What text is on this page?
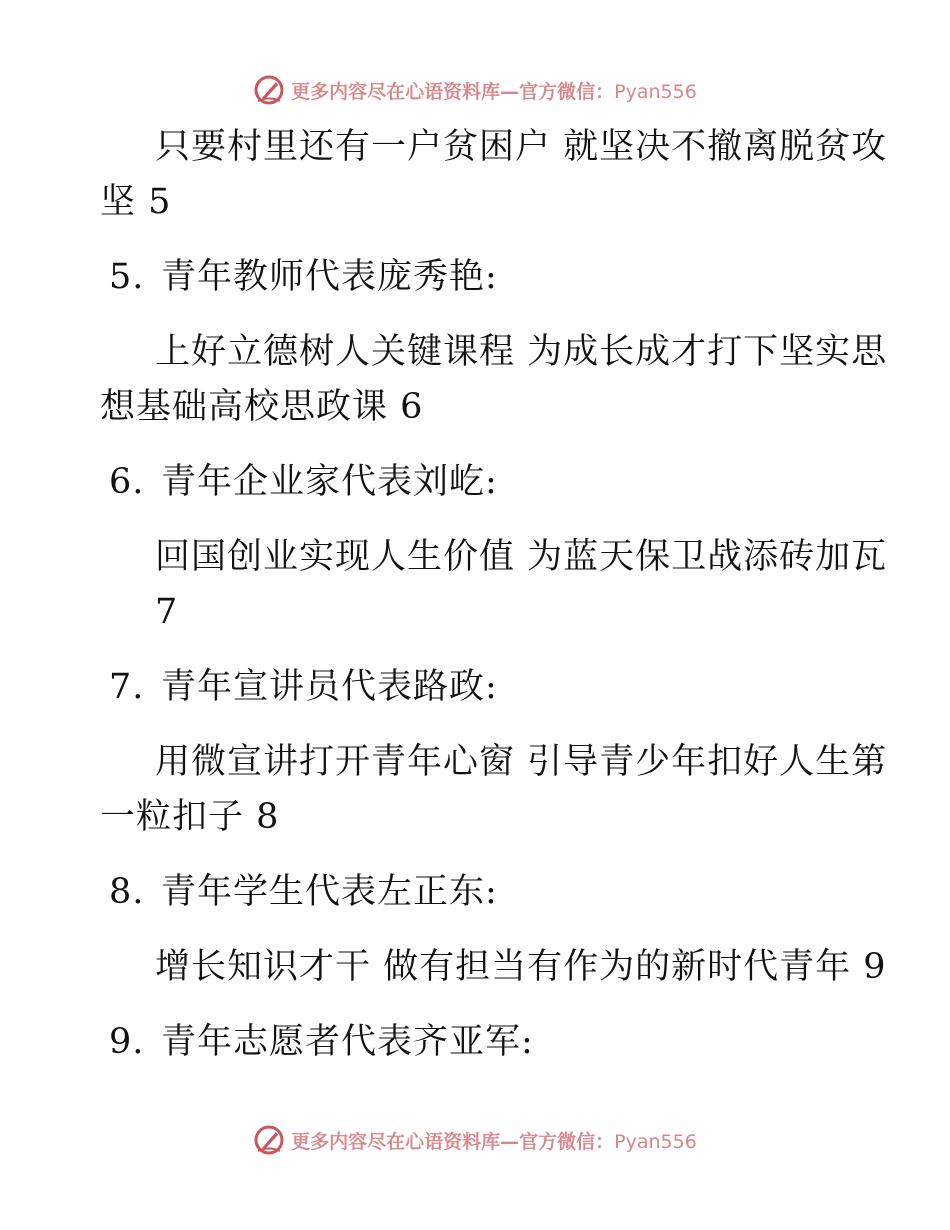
更多内容尽在心语资料库—官方微信：Pyan556
只要村里还有一户贫困户 就坚决不撤离脱贫攻
坚 5
5. 青年教师代表庞秀艳:
上好立德树人关键课程 为成长成才打下坚实思
想基础高校思政课 6
6. 青年企业家代表刘屹:
回国创业实现人生价值 为蓝天保卫战添砖加瓦
7
7. 青年宣讲员代表路政:
用微宣讲打开青年心窗 引导青少年扣好人生第
一粒扣子 8
8. 青年学生代表左正东:
增长知识才干 做有担当有作为的新时代青年 9
9. 青年志愿者代表齐亚军:
更多内容尽在心语资料库—官方微信：Pyan556
